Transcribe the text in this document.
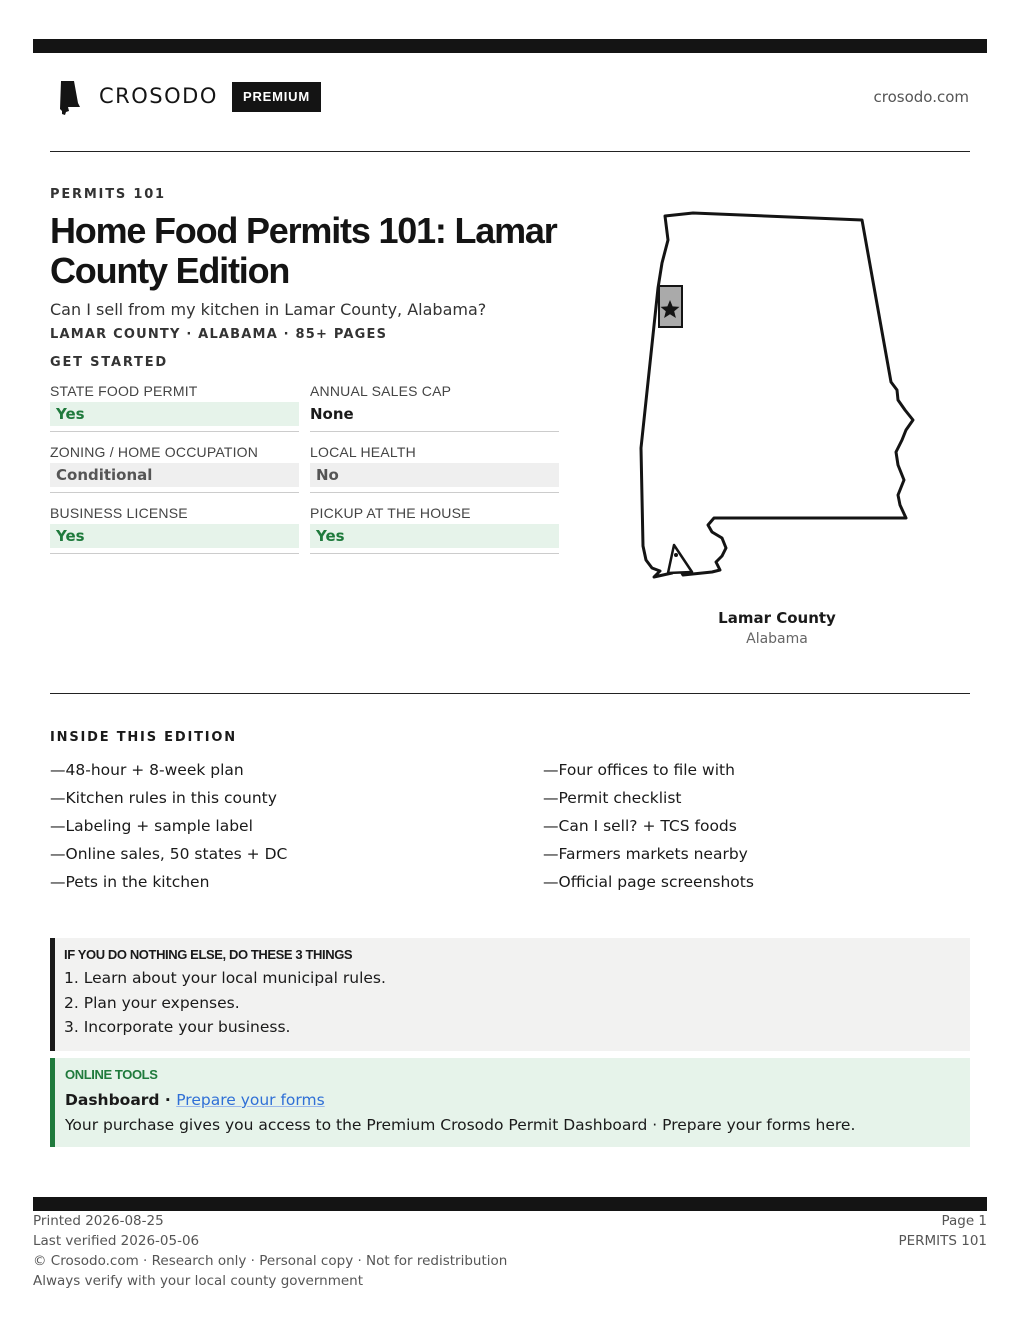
CROSODO	PREMIUM	crosodo.com
PERMITS 101
Home Food Permits 101: Lamar County Edition
Can I sell from my kitchen in Lamar County, Alabama?
LAMAR COUNTY · ALABAMA · 85+ PAGES
GET STARTED
STATE FOOD PERMIT
Yes
ANNUAL SALES CAP
None
ZONING / HOME OCCUPATION
Conditional
LOCAL HEALTH
No
BUSINESS LICENSE
Yes
PICKUP AT THE HOUSE
Yes
Lamar County
Alabama
INSIDE THIS EDITION
—48-hour + 8-week plan
—Kitchen rules in this county
—Labeling + sample label
—Online sales, 50 states + DC
—Pets in the kitchen
—Four offices to file with
—Permit checklist
—Can I sell? + TCS foods
—Farmers markets nearby
—Official page screenshots
IF YOU DO NOTHING ELSE, DO THESE 3 THINGS
1. Learn about your local municipal rules.
2. Plan your expenses.
3. Incorporate your business.
ONLINE TOOLS
Dashboard · Prepare your forms
Your purchase gives you access to the Premium Crosodo Permit Dashboard · Prepare your forms here.
Printed 2026-08-25
Last verified 2026-05-06
© Crosodo.com · Research only · Personal copy · Not for redistribution
Always verify with your local county government
Page 1
PERMITS 101
